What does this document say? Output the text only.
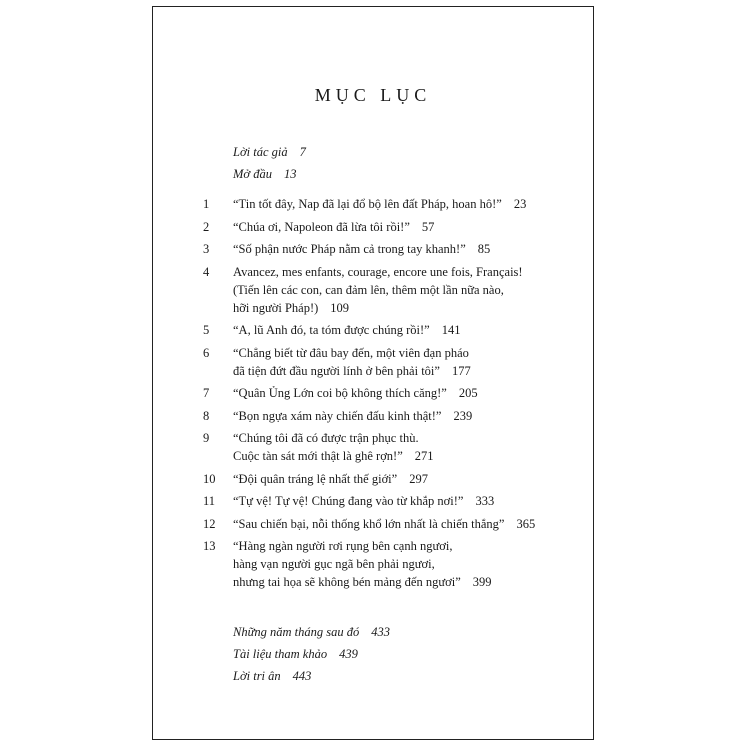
MỤC LỤC
Lời tác giả 7
Mở đầu 13
1 “Tin tốt đây, Nap đã lại đổ bộ lên đất Pháp, hoan hô!” 23
2 “Chúa ơi, Napoleon đã lừa tôi rồi!” 57
3 “Số phận nước Pháp nằm cả trong tay khanh!” 85
4 Avancez, mes enfants, courage, encore une fois, Français!
(Tiến lên các con, can đảm lên, thêm một lần nữa nào,
hỡi người Pháp!) 109
5 “A, lũ Anh đó, ta tóm được chúng rồi!” 141
6 “Chẳng biết từ đâu bay đến, một viên đạn pháo
đã tiện đứt đầu người lính ở bên phải tôi” 177
7 “Quân Ủng Lớn coi bộ không thích căng!” 205
8 “Bọn ngựa xám này chiến đấu kinh thật!” 239
9 “Chúng tôi đã có được trận phục thù.
Cuộc tàn sát mới thật là ghê rợn!” 271
10 “Đội quân tráng lệ nhất thế giới” 297
11 “Tự vệ! Tự vệ! Chúng đang vào từ khắp nơi!” 333
12 “Sau chiến bại, nỗi thống khổ lớn nhất là chiến thắng” 365
13 “Hàng ngàn người rơi rụng bên cạnh ngươi,
hàng vạn người gục ngã bên phải ngươi,
nhưng tai họa sẽ không bén mảng đến ngươi” 399
Những năm tháng sau đó 433
Tài liệu tham khảo 439
Lời tri ân 443
